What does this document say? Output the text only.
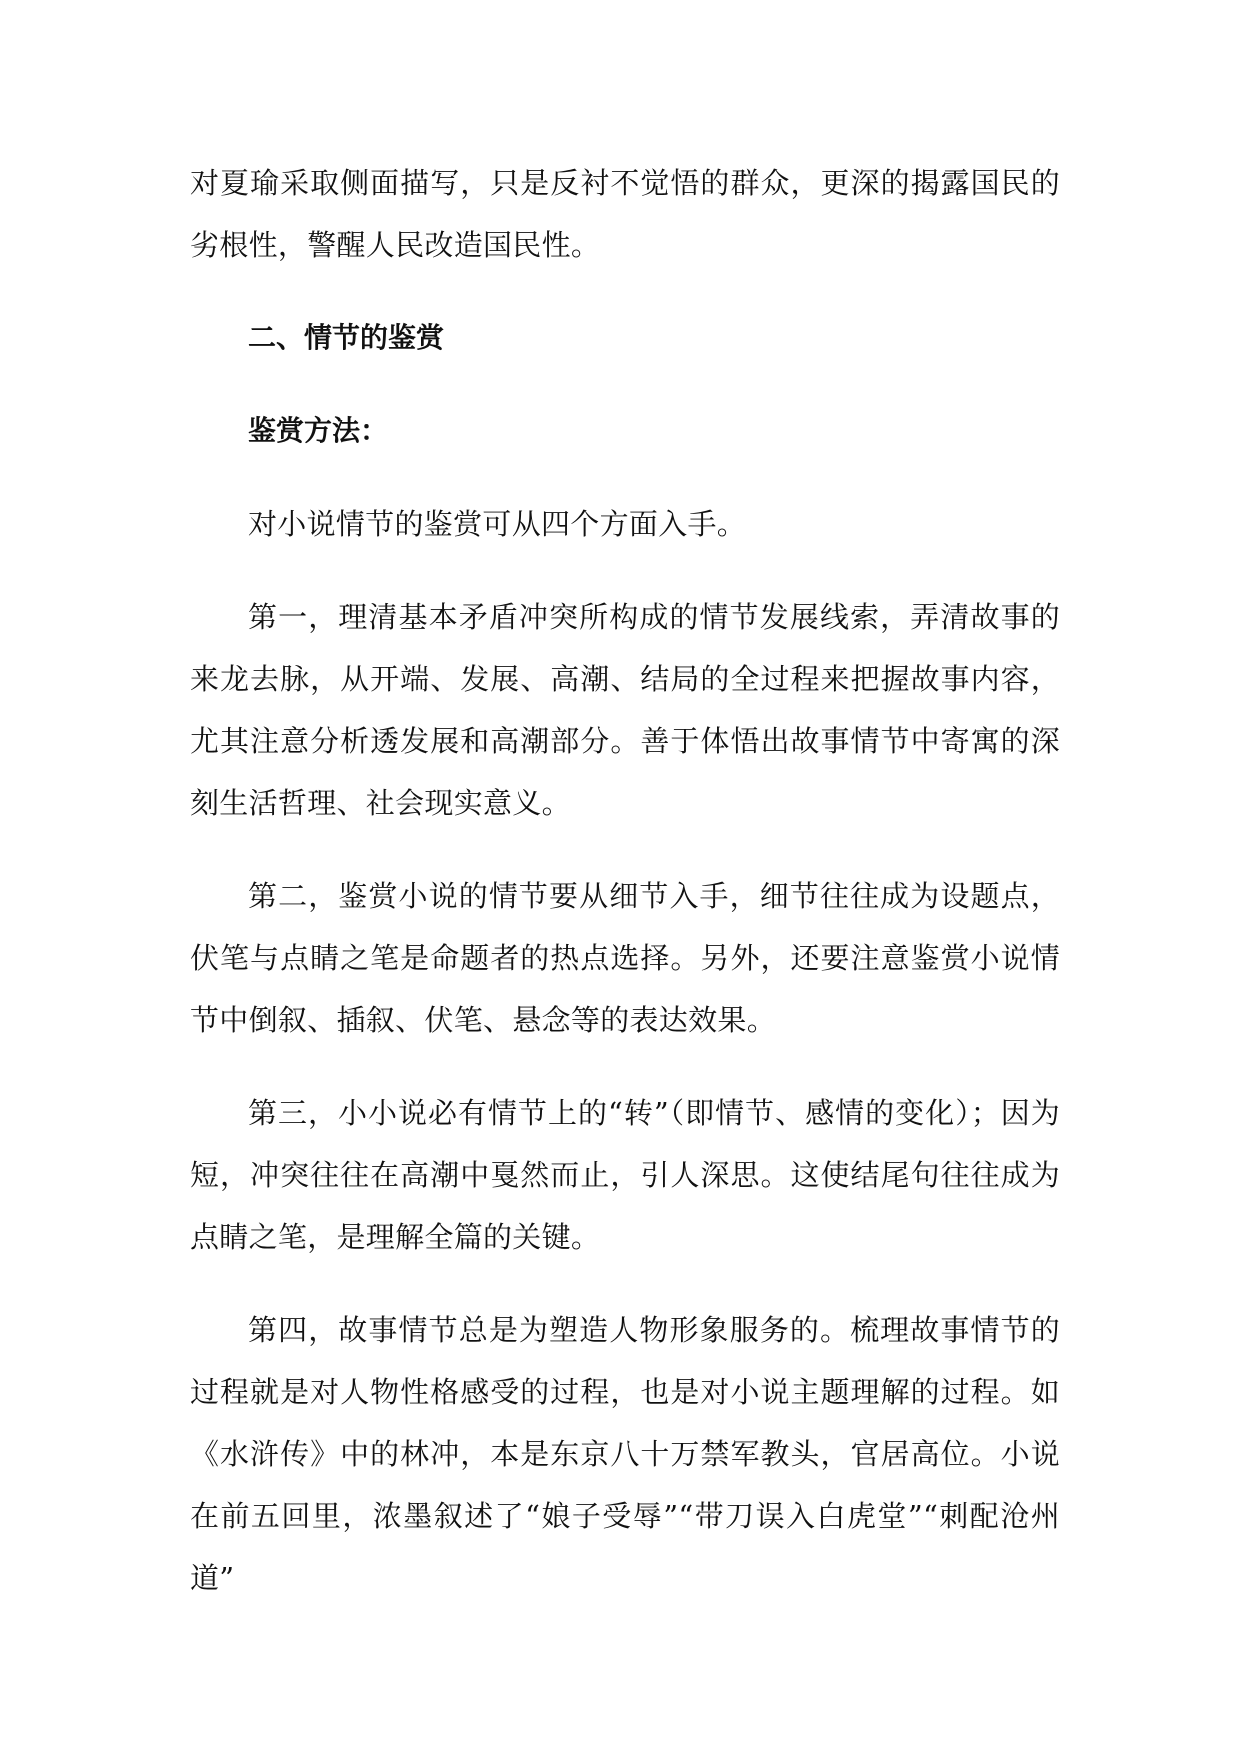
对夏瑜采取侧面描写，只是反衬不觉悟的群众，更深的揭露国民的劣根性，警醒人民改造国民性。

二、情节的鉴赏

鉴赏方法：

对小说情节的鉴赏可从四个方面入手。

第一，理清基本矛盾冲突所构成的情节发展线索，弄清故事的来龙去脉，从开端、发展、高潮、结局的全过程来把握故事内容，尤其注意分析透发展和高潮部分。善于体悟出故事情节中寄寓的深刻生活哲理、社会现实意义。

第二，鉴赏小说的情节要从细节入手，细节往往成为设题点，伏笔与点睛之笔是命题者的热点选择。另外，还要注意鉴赏小说情节中倒叙、插叙、伏笔、悬念等的表达效果。

第三，小小说必有情节上的“转”（即情节、感情的变化）；因为短，冲突往往在高潮中戛然而止，引人深思。这使结尾句往往成为点睛之笔，是理解全篇的关键。

第四，故事情节总是为塑造人物形象服务的。梳理故事情节的过程就是对人物性格感受的过程，也是对小说主题理解的过程。如《水浒传》中的林冲，本是东京八十万禁军教头，官居高位。小说在前五回里，浓墨叙述了“娘子受辱”“带刀误入白虎堂”“刺配沧州道”
